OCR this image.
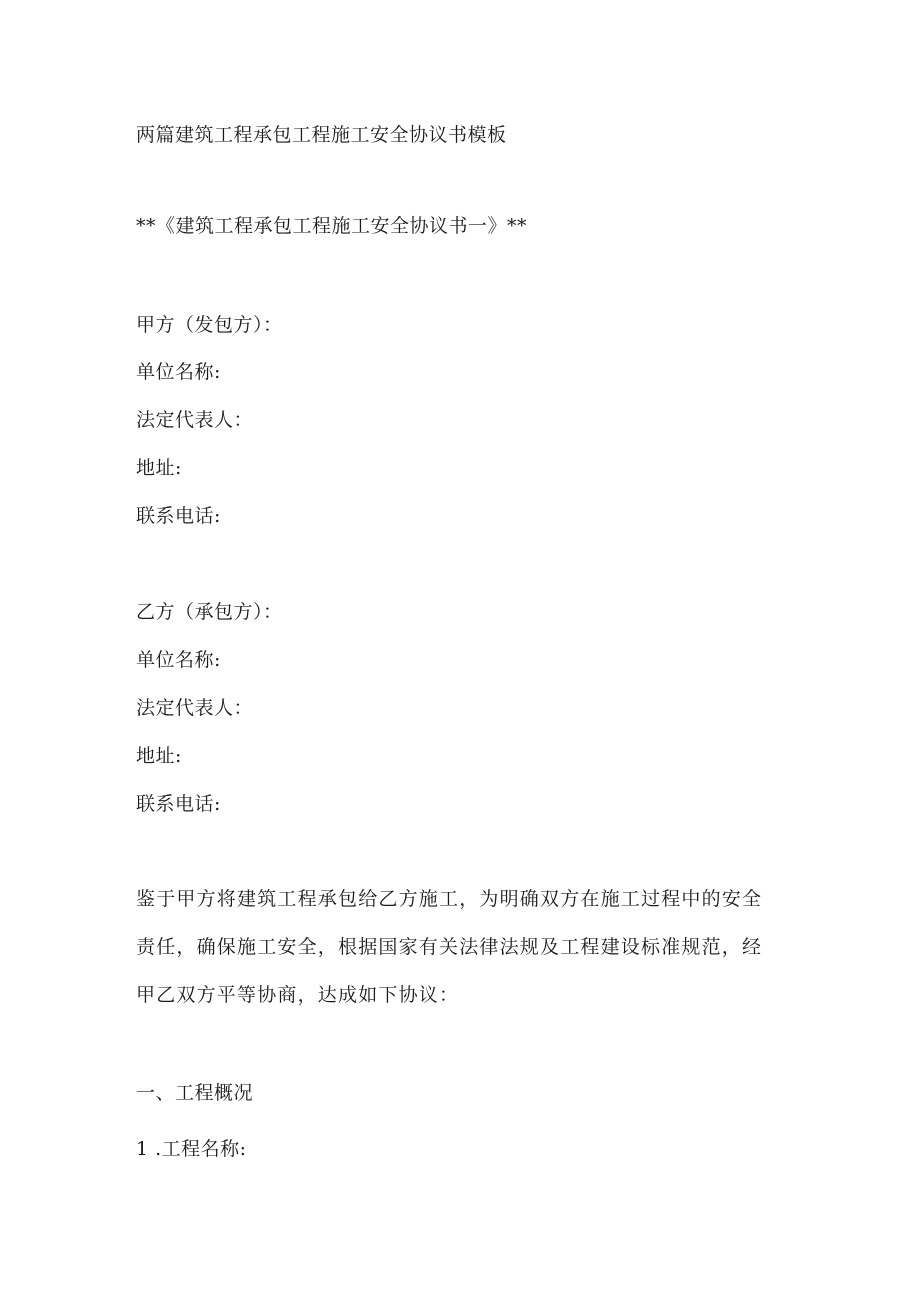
两篇建筑工程承包工程施工安全协议书模板
**《建筑工程承包工程施工安全协议书一》**
甲方（发包方）：
单位名称:
法定代表人：
地址:
联系电话:
乙方（承包方）：
单位名称:
法定代表人：
地址:
联系电话:
鉴于甲方将建筑工程承包给乙方施工，为明确双方在施工过程中的安全
责任，确保施工安全，根据国家有关法律法规及工程建设标准规范，经
甲乙双方平等协商，达成如下协议：
一、工程概况
1 .工程名称:
